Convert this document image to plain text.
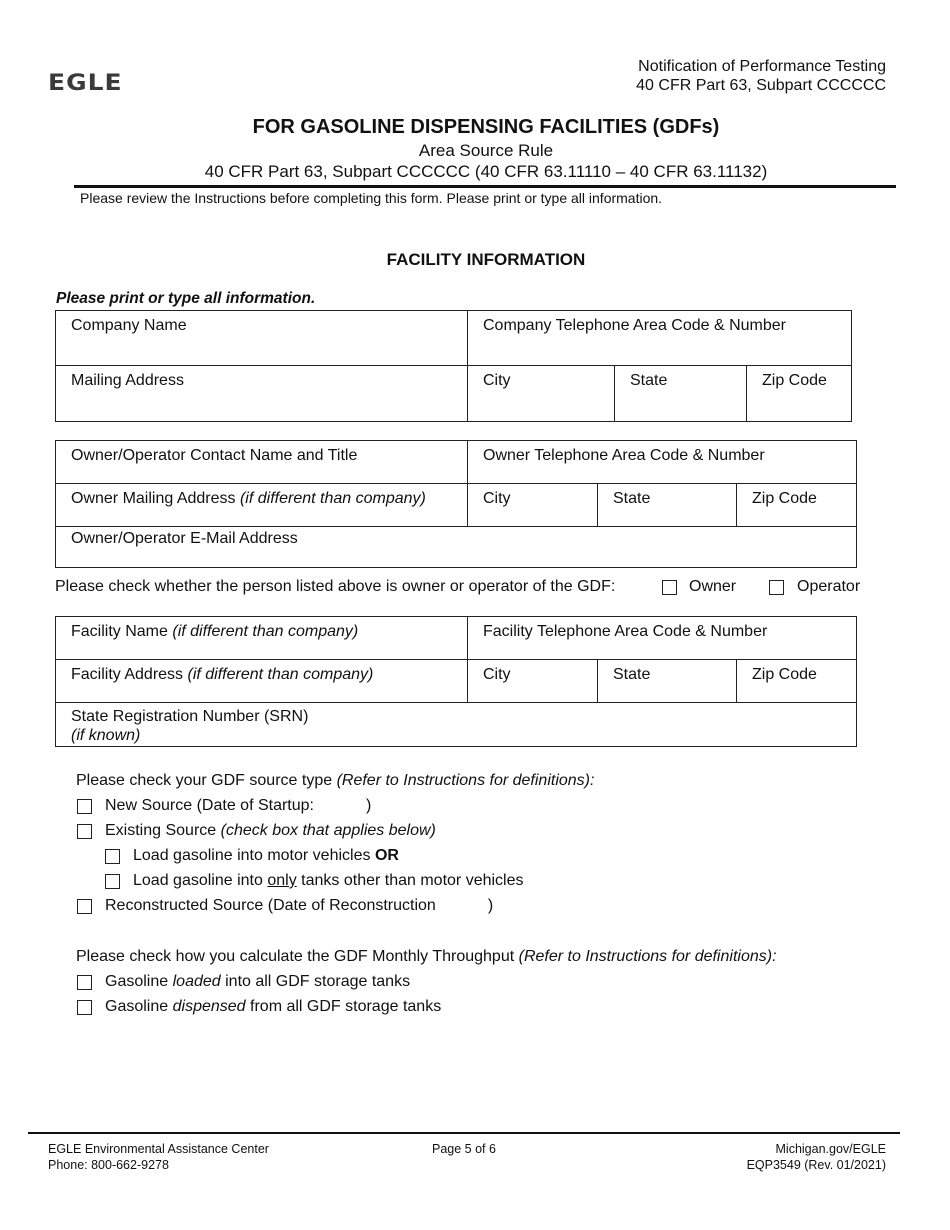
EGLE
Notification of Performance Testing
40 CFR Part 63, Subpart CCCCCC
FOR GASOLINE DISPENSING FACILITIES (GDFs)
Area Source Rule
40 CFR Part 63, Subpart CCCCCC (40 CFR 63.11110 – 40 CFR 63.11132)
Please review the Instructions before completing this form. Please print or type all information.
FACILITY INFORMATION
Please print or type all information.
Company Name	Company Telephone Area Code & Number
Mailing Address	City	State	Zip Code
Owner/Operator Contact Name and Title	Owner Telephone Area Code & Number
Owner Mailing Address (if different than company)	City	State	Zip Code
Owner/Operator E-Mail Address
Please check whether the person listed above is owner or operator of the GDF:	Owner	Operator
Facility Name (if different than company)	Facility Telephone Area Code & Number
Facility Address (if different than company)	City	State	Zip Code
State Registration Number (SRN)
(if known)
Please check your GDF source type (Refer to Instructions for definitions):
New Source (Date of Startup:	)
Existing Source (check box that applies below)
Load gasoline into motor vehicles OR
Load gasoline into only tanks other than motor vehicles
Reconstructed Source (Date of Reconstruction	)
Please check how you calculate the GDF Monthly Throughput (Refer to Instructions for definitions):
Gasoline loaded into all GDF storage tanks
Gasoline dispensed from all GDF storage tanks
EGLE Environmental Assistance Center
Phone: 800-662-9278
Page 5 of 6	Michigan.gov/EGLE
EQP3549 (Rev. 01/2021)
